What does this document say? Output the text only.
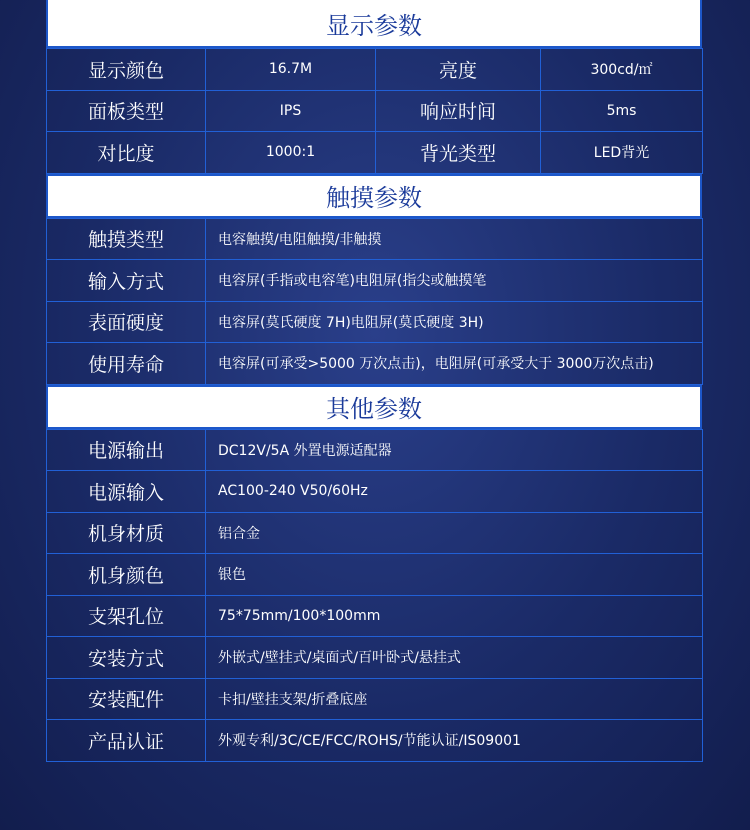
显示参数
显示颜色	16.7M	亮度	300cd/㎡
面板类型	IPS	响应时间	5ms
对比度	1000:1	背光类型	LED背光
触摸参数
触摸类型	电容触摸/电阻触摸/非触摸
输入方式	电容屏(手指或电容笔)电阻屏(指尖或触摸笔
表面硬度	电容屏(莫氏硬度 7H)电阻屏(莫氏硬度 3H)
使用寿命	电容屏(可承受>5000 万次点击)，电阻屏(可承受大于 3000万次点击)
其他参数
电源输出	DC12V/5A 外置电源适配器
电源输入	AC100-240 V50/60Hz
机身材质	铝合金
机身颜色	银色
支架孔位	75*75mm/100*100mm
安装方式	外嵌式/壁挂式/桌面式/百叶卧式/悬挂式
安装配件	卡扣/壁挂支架/折叠底座
产品认证	外观专利/3C/CE/FCC/ROHS/节能认证/IS09001
